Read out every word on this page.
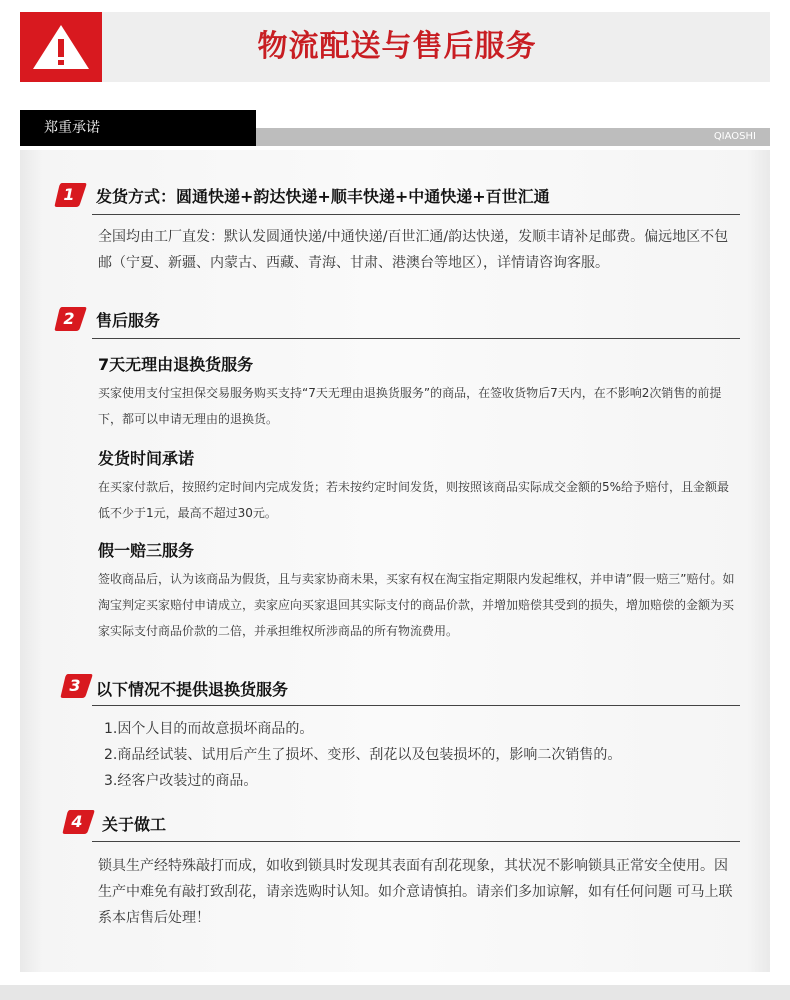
物流配送与售后服务
郑重承诺
QIAOSHI
1	发货方式：圆通快递+韵达快递+顺丰快递+中通快递+百世汇通

全国均由工厂直发：默认发圆通快递/中通快递/百世汇通/韵达快递，发顺丰请补足邮费。偏远地区不包邮（宁夏、新疆、内蒙古、西藏、青海、甘肃、港澳台等地区），详情请咨询客服。

2	售后服务
7天无理由退换货服务

买家使用支付宝担保交易服务购买支持“7天无理由退换货服务”的商品，在签收货物后7天内，在不影响2次销售的前提下，都可以申请无理由的退换货。

发货时间承诺

在买家付款后，按照约定时间内完成发货；若未按约定时间发货，则按照该商品实际成交金额的5%给予赔付，且金额最低不少于1元，最高不超过30元。

假一赔三服务

签收商品后，认为该商品为假货，且与卖家协商未果，买家有权在淘宝指定期限内发起维权，并申请”假一赔三”赔付。如淘宝判定买家赔付申请成立，卖家应向买家退回其实际支付的商品价款，并增加赔偿其受到的损失，增加赔偿的金额为买家实际支付商品价款的二倍，并承担维权所涉商品的所有物流费用。

3 以下情况不提供退换货服务
1.因个人目的而故意损坏商品的。
2.商品经试装、试用后产生了损坏、变形、刮花以及包装损坏的，影响二次销售的。
3.经客户改装过的商品。
4	关于做工

锁具生产经特殊敲打而成，如收到锁具时发现其表面有刮花现象，其状况不影响锁具正常安全使用。因生产中难免有敲打致刮花，请亲选购时认知。如介意请慎拍。请亲们多加谅解，如有任何问题 可马上联系本店售后处理！
